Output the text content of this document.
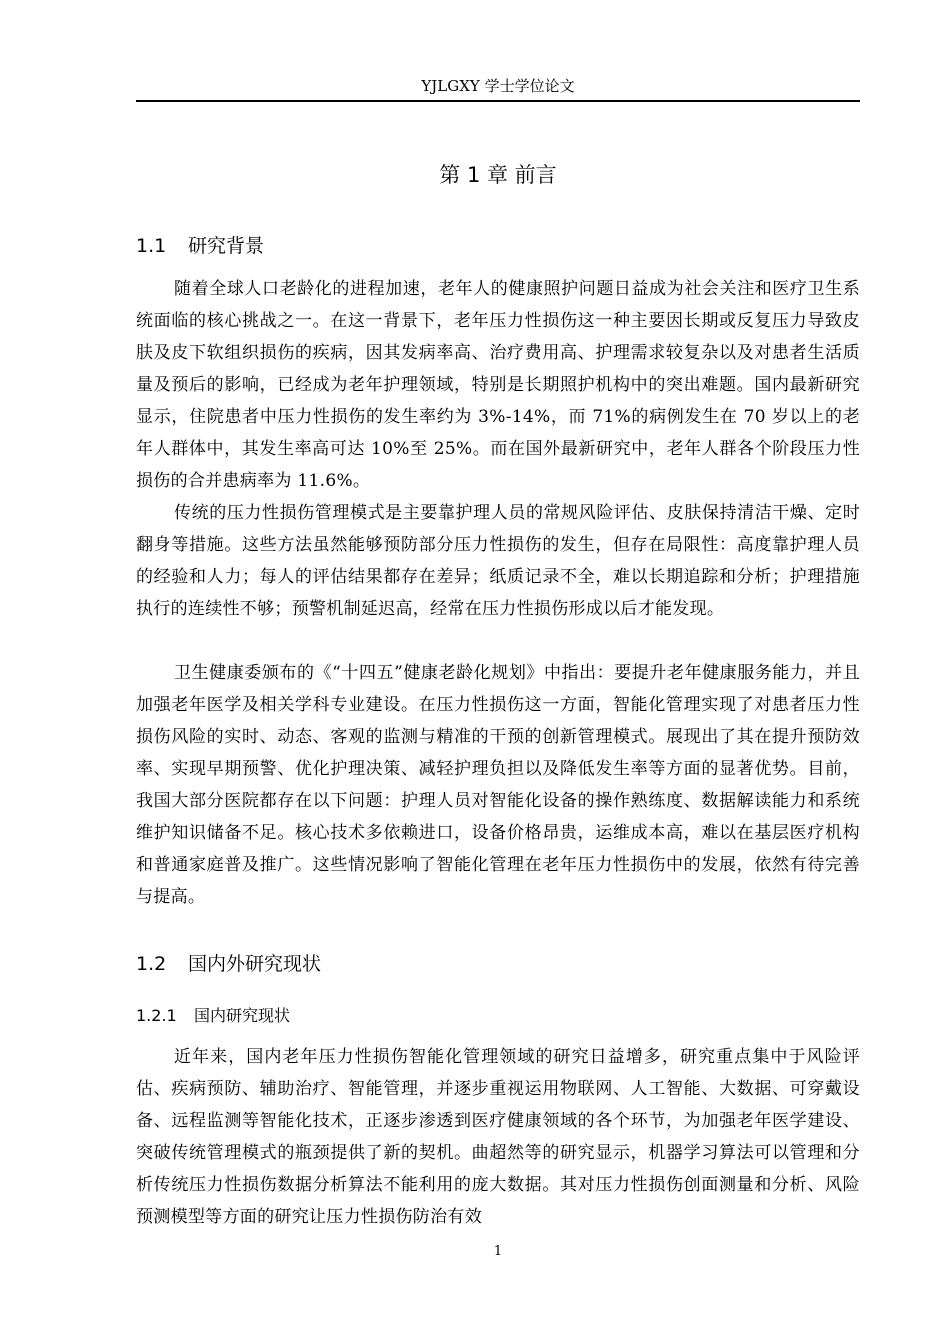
YJLGXY 学士学位论文
第 1 章 前言
1.1 研究背景

随着全球人口老龄化的进程加速，老年人的健康照护问题日益成为社会关注和医疗卫生系统面临的核心挑战之一。在这一背景下，老年压力性损伤这一种主要因长期或反复压力导致皮肤及皮下软组织损伤的疾病，因其发病率高、治疗费用高、护理需求较复杂以及对患者生活质量及预后的影响，已经成为老年护理领域，特别是长期照护机构中的突出难题。国内最新研究显示，住院患者中压力性损伤的发生率约为 3%-14%，而 71%的病例发生在 70 岁以上的老年人群体中，其发生率高可达 10%至 25%。而在国外最新研究中，老年人群各个阶段压力性损伤的合并患病率为 11.6%。

传统的压力性损伤管理模式是主要靠护理人员的常规风险评估、皮肤保持清洁干燥、定时翻身等措施。这些方法虽然能够预防部分压力性损伤的发生，但存在局限性：高度靠护理人员的经验和人力；每人的评估结果都存在差异；纸质记录不全，难以长期追踪和分析；护理措施执行的连续性不够；预警机制延迟高，经常在压力性损伤形成以后才能发现。

卫生健康委颁布的《“十四五”健康老龄化规划》中指出：要提升老年健康服务能力，并且加强老年医学及相关学科专业建设。在压力性损伤这一方面，智能化管理实现了对患者压力性损伤风险的实时、动态、客观的监测与精准的干预的创新管理模式。展现出了其在提升预防效率、实现早期预警、优化护理决策、减轻护理负担以及降低发生率等方面的显著优势。目前，我国大部分医院都存在以下问题：护理人员对智能化设备的操作熟练度、数据解读能力和系统维护知识储备不足。核心技术多依赖进口，设备价格昂贵，运维成本高，难以在基层医疗机构和普通家庭普及推广。这些情况影响了智能化管理在老年压力性损伤中的发展，依然有待完善与提高。

1.2 国内外研究现状
1.2.1 国内研究现状

近年来，国内老年压力性损伤智能化管理领域的研究日益增多，研究重点集中于风险评估、疾病预防、辅助治疗、智能管理，并逐步重视运用物联网、人工智能、大数据、可穿戴设备、远程监测等智能化技术，正逐步渗透到医疗健康领域的各个环节，为加强老年医学建设、突破传统管理模式的瓶颈提供了新的契机。曲超然等的研究显示，机器学习算法可以管理和分析传统压力性损伤数据分析算法不能利用的庞大数据。其对压力性损伤创面测量和分析、风险预测模型等方面的研究让压力性损伤防治有效

1
